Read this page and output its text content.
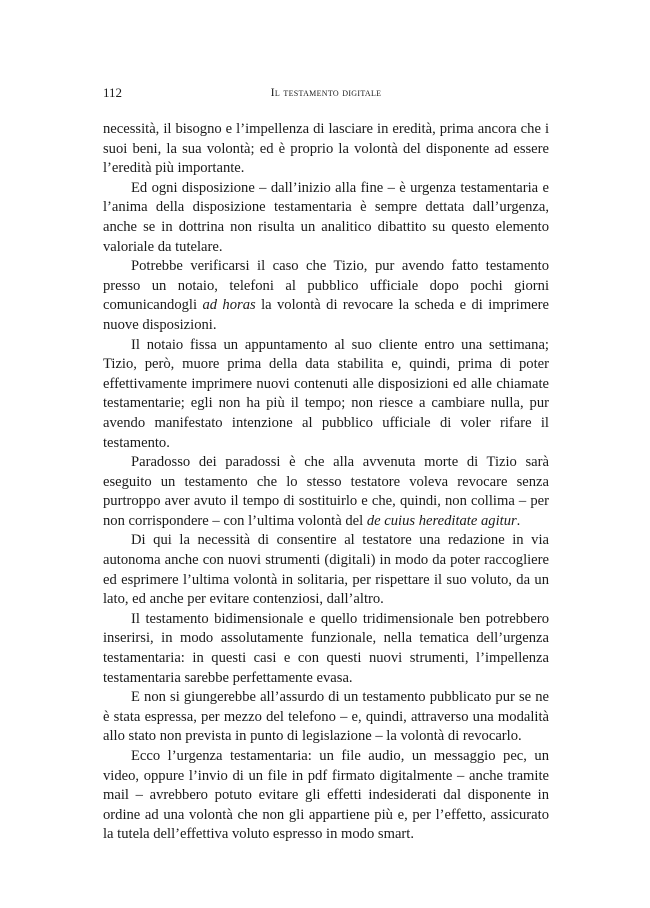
112	Il testamento digitale

necessità, il bisogno e l’impellenza di lasciare in eredità, prima ancora che i suoi beni, la sua volontà; ed è proprio la volontà del disponente ad essere l’eredità più importante.

Ed ogni disposizione – dall’inizio alla fine – è urgenza testamentaria e l’anima della disposizione testamentaria è sempre dettata dall’urgenza, anche se in dottrina non risulta un analitico dibattito su questo elemento valoriale da tutelare.

Potrebbe verificarsi il caso che Tizio, pur avendo fatto testamento presso un notaio, telefoni al pubblico ufficiale dopo pochi giorni comunicandogli ad horas la volontà di revocare la scheda e di imprimere nuove disposizioni.

Il notaio fissa un appuntamento al suo cliente entro una settimana; Tizio, però, muore prima della data stabilita e, quindi, prima di poter effettivamente imprimere nuovi contenuti alle disposizioni ed alle chiamate testamentarie; egli non ha più il tempo; non riesce a cambiare nulla, pur avendo manifestato intenzione al pubblico ufficiale di voler rifare il testamento.

Paradosso dei paradossi è che alla avvenuta morte di Tizio sarà eseguito un testamento che lo stesso testatore voleva revocare senza purtroppo aver avuto il tempo di sostituirlo e che, quindi, non collima – per non corrispondere – con l’ultima volontà del de cuius hereditate agitur.

Di qui la necessità di consentire al testatore una redazione in via autonoma anche con nuovi strumenti (digitali) in modo da poter raccogliere ed esprimere l’ultima volontà in solitaria, per rispettare il suo voluto, da un lato, ed anche per evitare contenziosi, dall’altro.

Il testamento bidimensionale e quello tridimensionale ben potrebbero inserirsi, in modo assolutamente funzionale, nella tematica dell’urgenza testamentaria: in questi casi e con questi nuovi strumenti, l’impellenza testamentaria sarebbe perfettamente evasa.

E non si giungerebbe all’assurdo di un testamento pubblicato pur se ne è stata espressa, per mezzo del telefono – e, quindi, attraverso una modalità allo stato non prevista in punto di legislazione – la volontà di revocarlo.

Ecco l’urgenza testamentaria: un file audio, un messaggio pec, un video, oppure l’invio di un file in pdf firmato digitalmente – anche tramite mail – avrebbero potuto evitare gli effetti indesiderati dal disponente in ordine ad una volontà che non gli appartiene più e, per l’effetto, assicurato la tutela dell’effettiva voluto espresso in modo smart.
